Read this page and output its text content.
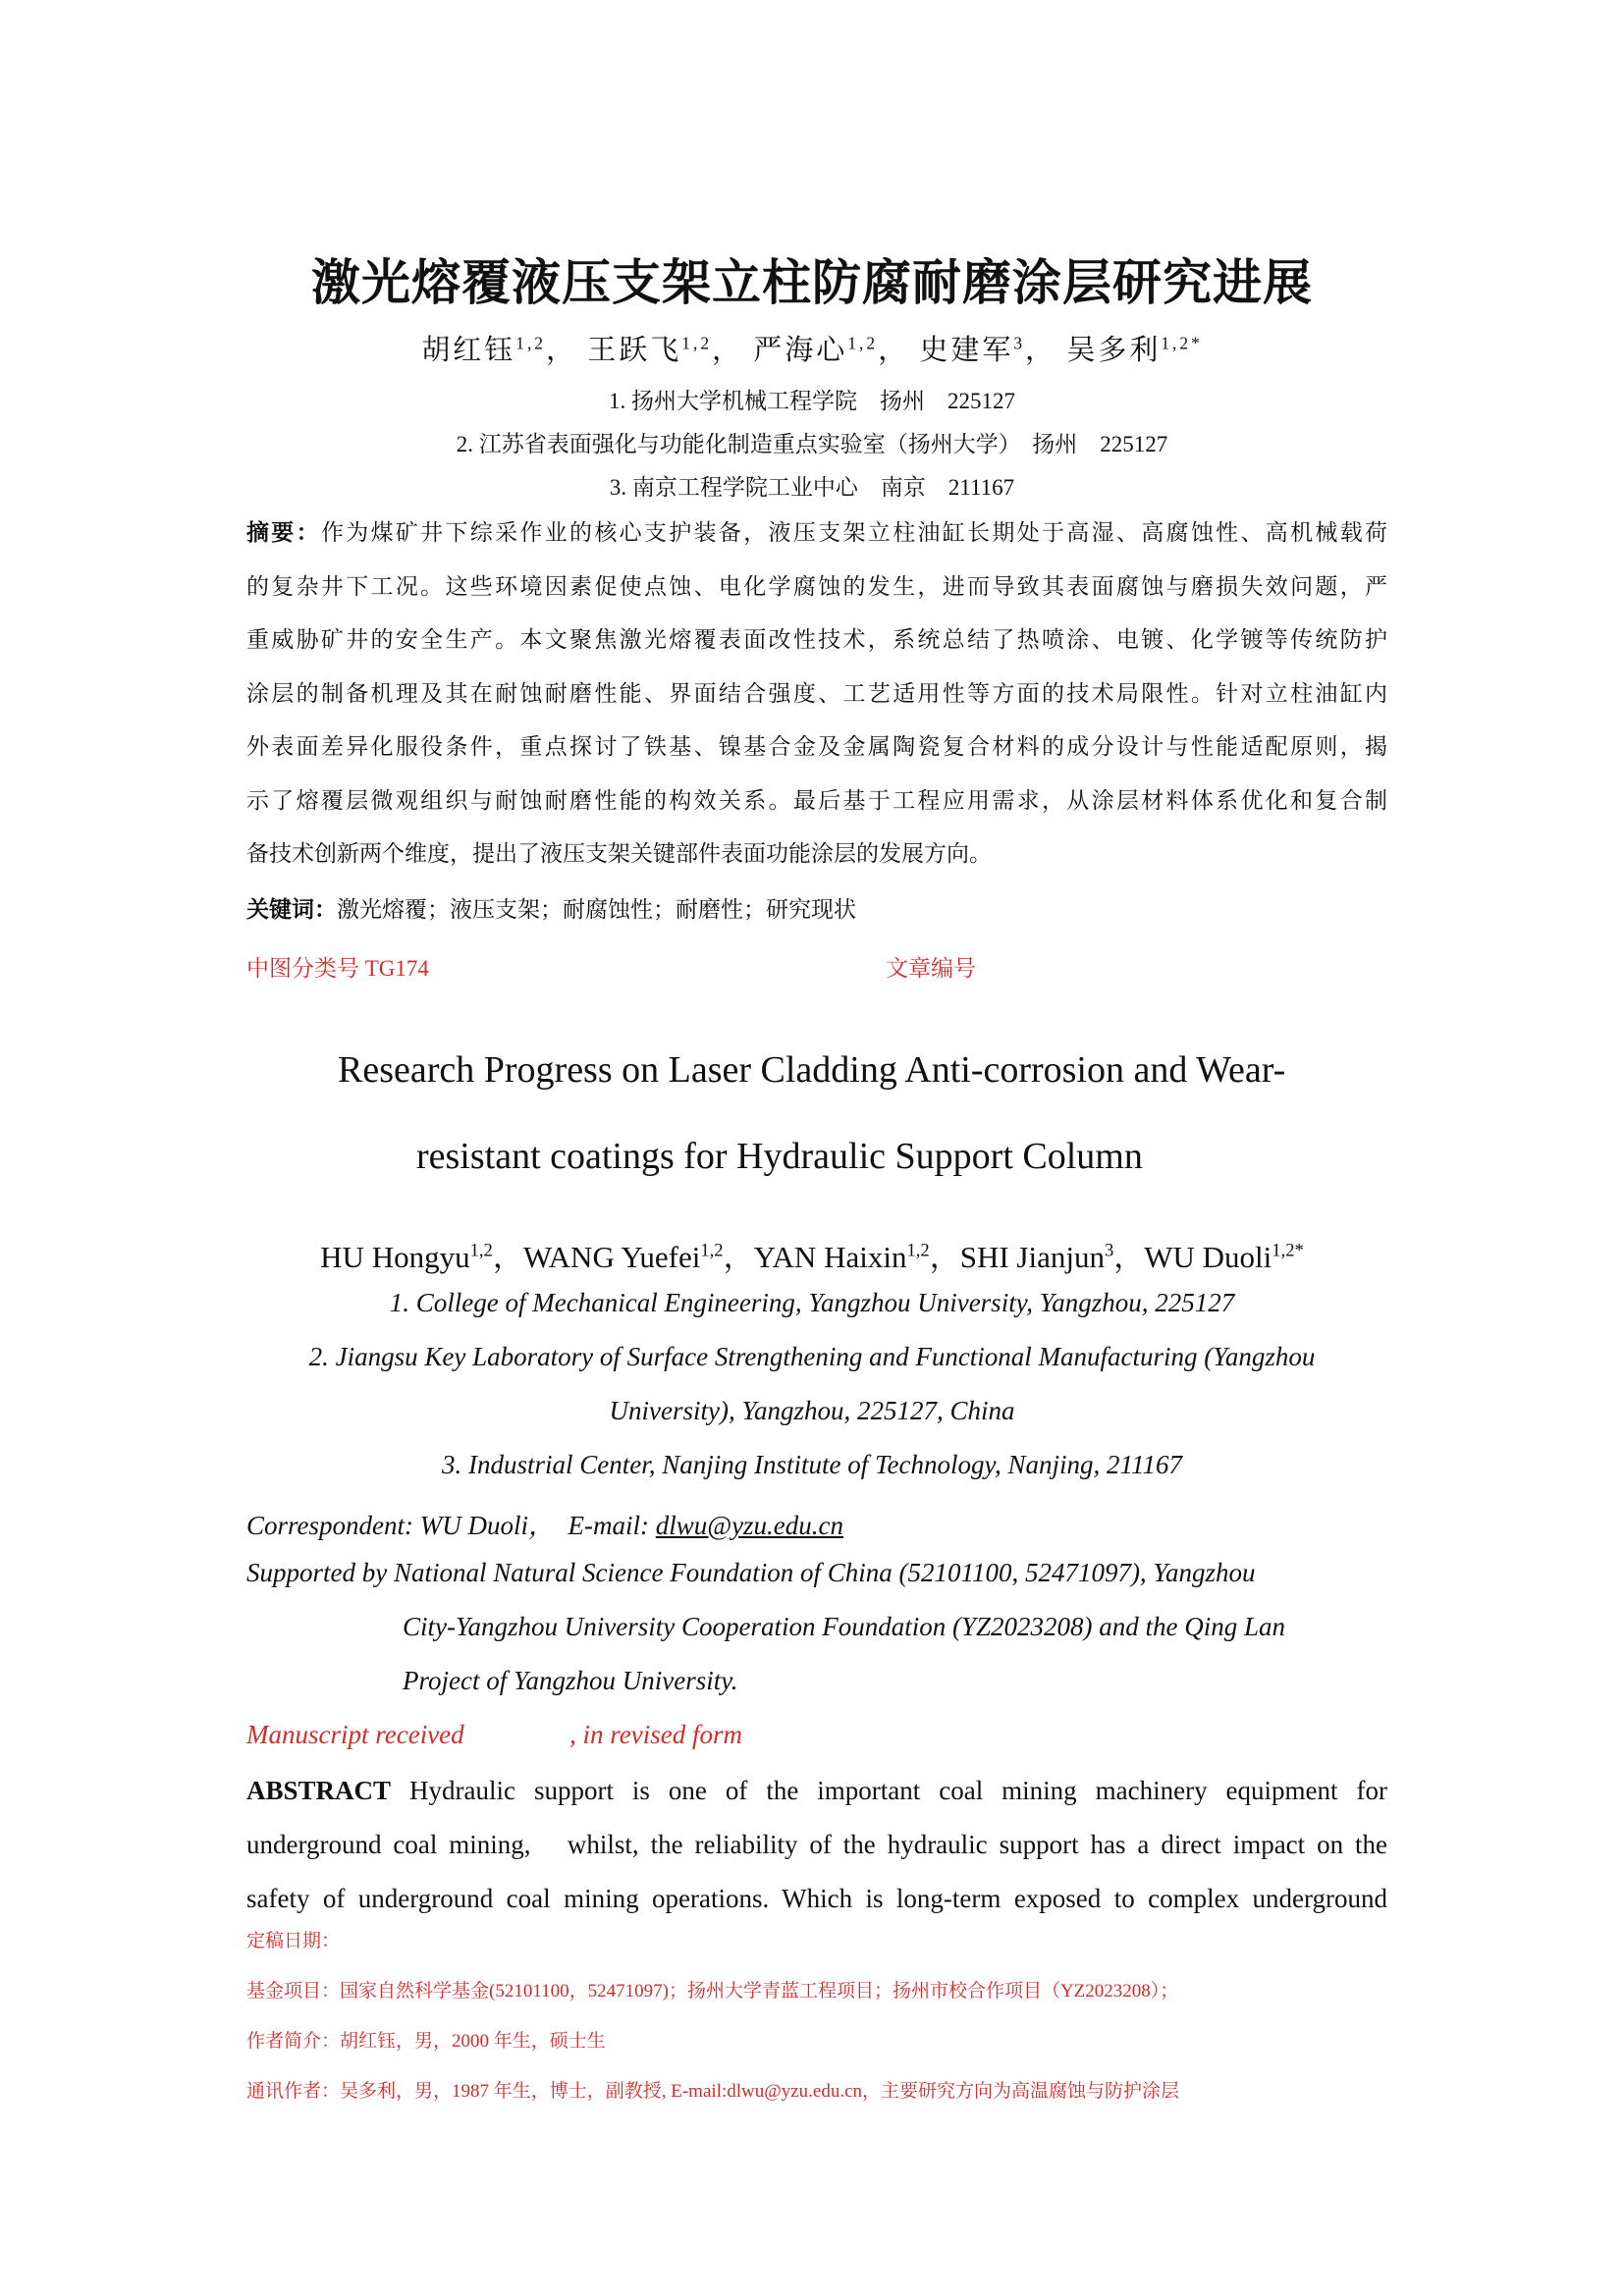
激光熔覆液压支架立柱防腐耐磨涂层研究进展

胡红钰$^{1,2}$， 王跃飞$^{1,2}$， 严海心$^{1,2}$， 史建军$^3$， 吴多利$^{1,2*}$

1. 扬州大学机械工程学院　扬州　225127

2. 江苏省表面强化与功能化制造重点实验室（扬州大学）　扬州　225127

3. 南京工程学院工业中心　南京　211167

摘要：作为煤矿井下综采作业的核心支护装备，液压支架立柱油缸长期处于高湿、高腐蚀性、高机械载荷
的复杂井下工况。这些环境因素促使点蚀、电化学腐蚀的发生，进而导致其表面腐蚀与磨损失效问题，严
重威胁矿井的安全生产。本文聚焦激光熔覆表面改性技术，系统总结了热喷涂、电镀、化学镀等传统防护
涂层的制备机理及其在耐蚀耐磨性能、界面结合强度、工艺适用性等方面的技术局限性。针对立柱油缸内
外表面差异化服役条件，重点探讨了铁基、镍基合金及金属陶瓷复合材料的成分设计与性能适配原则，揭
示了熔覆层微观组织与耐蚀耐磨性能的构效关系。最后基于工程应用需求，从涂层材料体系优化和复合制
备技术创新两个维度，提出了液压支架关键部件表面功能涂层的发展方向。

关键词：激光熔覆；液压支架；耐腐蚀性；耐磨性；研究现状

中图分类号 TG174	文章编号

Research Progress on Laser Cladding Anti-corrosion and Wear-

resistant coatings for Hydraulic Support Column

HU Hongyu$^{1,2}$，WANG Yuefei$^{1,2}$，YAN Haixin$^{1,2}$，SHI Jianjun$^3$，WU Duoli$^{1,2*}$

1. College of Mechanical Engineering, Yangzhou University, Yangzhou, 225127

2. Jiangsu Key Laboratory of Surface Strengthening and Functional Manufacturing (Yangzhou

University), Yangzhou, 225127, China

3. Industrial Center, Nanjing Institute of Technology, Nanjing, 211167

Correspondent: WU Duoli，　E-mail: dlwu@yzu.edu.cn

Supported by National Natural Science Foundation of China (52101100, 52471097), Yangzhou

City-Yangzhou University Cooperation Foundation (YZ2023208) and the Qing Lan

Project of Yangzhou University.

Manuscript received	, in revised form

ABSTRACT Hydraulic support is one of the important coal mining machinery equipment for
underground coal mining,　whilst, the reliability of the hydraulic support has a direct impact on the
safety of underground coal mining operations. Which is long-term exposed to complex underground

定稿日期：

基金项目：国家自然科学基金(52101100，52471097)；扬州大学青蓝工程项目；扬州市校合作项目（YZ2023208）；

作者简介：胡红钰，男，2000 年生，硕士生

通讯作者：吴多利，男，1987 年生，博士，副教授, E-mail:dlwu@yzu.edu.cn，主要研究方向为高温腐蚀与防护涂层
